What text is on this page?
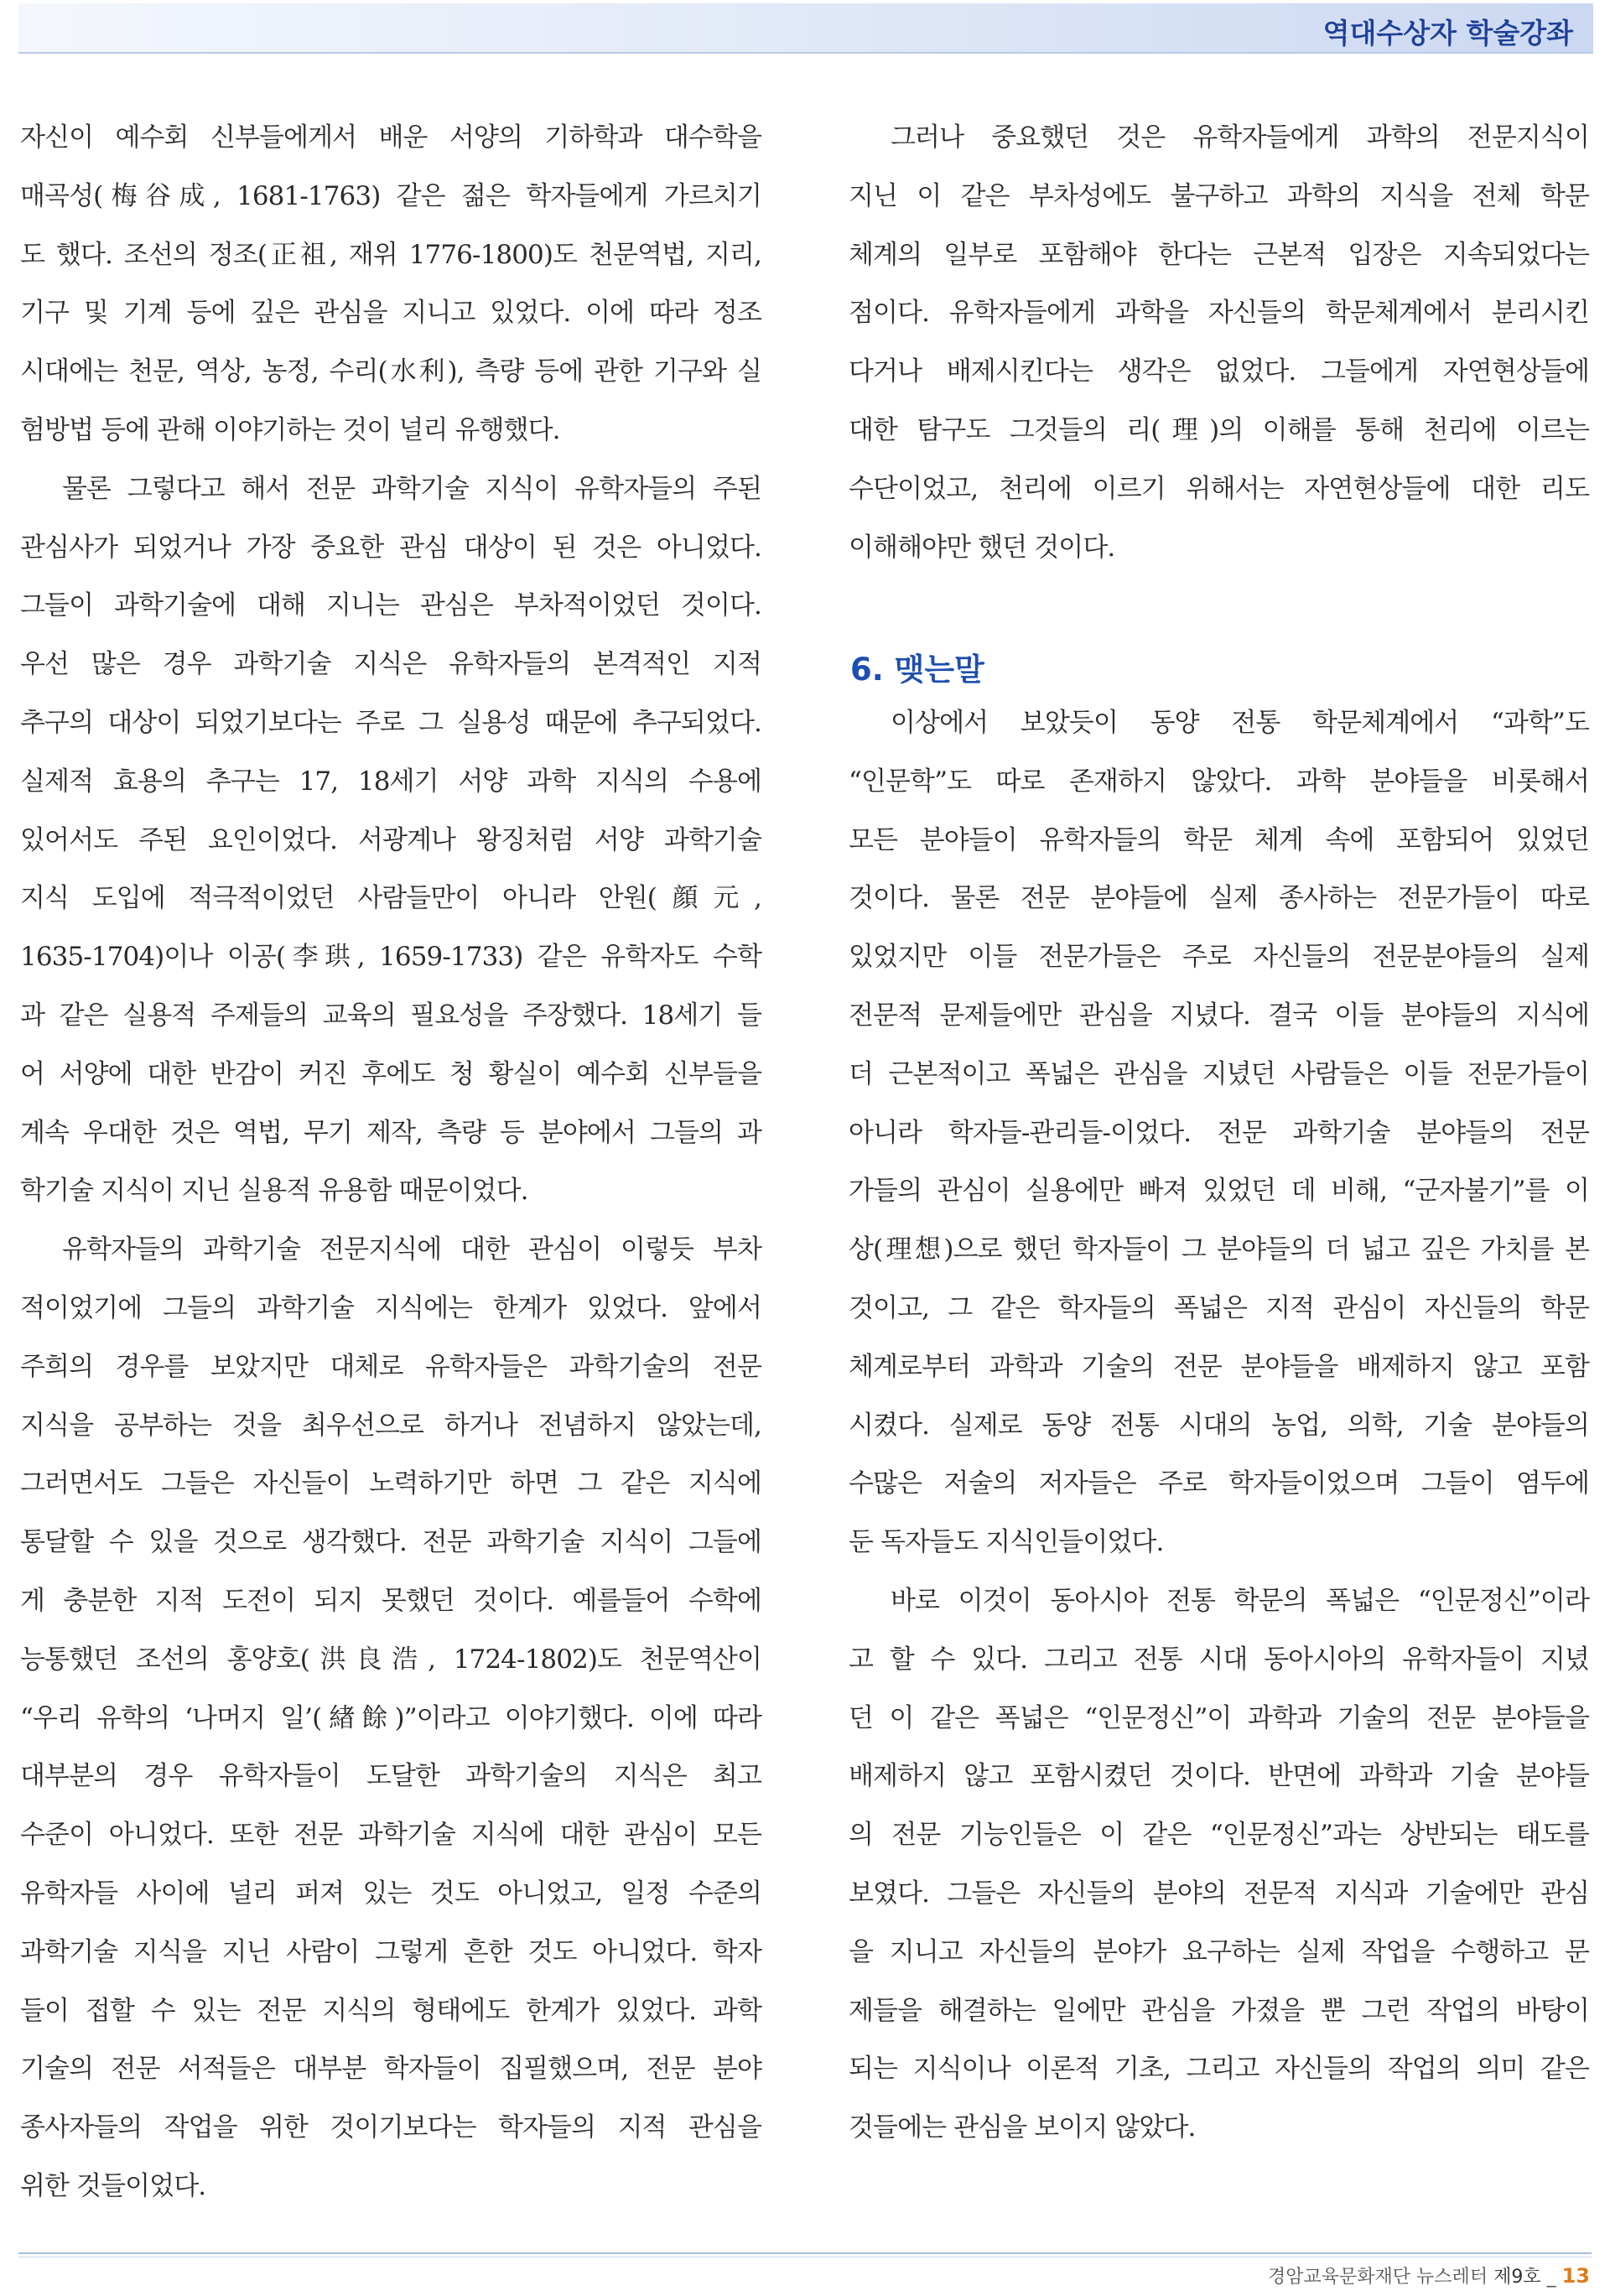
역대수상자 학술강좌
자신이 예수회 신부들에게서 배운 서양의 기하학과 대수학을
매곡성(梅谷成, 1681-1763) 같은 젊은 학자들에게 가르치기
도 했다. 조선의 정조(正祖, 재위 1776-1800)도 천문역법, 지리,
기구 및 기계 등에 깊은 관심을 지니고 있었다. 이에 따라 정조
시대에는 천문, 역상, 농정, 수리(水利), 측량 등에 관한 기구와 실
험방법 등에 관해 이야기하는 것이 널리 유행했다.
물론 그렇다고 해서 전문 과학기술 지식이 유학자들의 주된
관심사가 되었거나 가장 중요한 관심 대상이 된 것은 아니었다.
그들이 과학기술에 대해 지니는 관심은 부차적이었던 것이다.
우선 많은 경우 과학기술 지식은 유학자들의 본격적인 지적
추구의 대상이 되었기보다는 주로 그 실용성 때문에 추구되었다.
실제적 효용의 추구는 17, 18세기 서양 과학 지식의 수용에
있어서도 주된 요인이었다. 서광계나 왕징처럼 서양 과학기술
지식 도입에 적극적이었던 사람들만이 아니라 안원(顔元,
1635-1704)이나 이공(李珙, 1659-1733) 같은 유학자도 수학
과 같은 실용적 주제들의 교육의 필요성을 주장했다. 18세기 들
어 서양에 대한 반감이 커진 후에도 청 황실이 예수회 신부들을
계속 우대한 것은 역법, 무기 제작, 측량 등 분야에서 그들의 과
학기술 지식이 지닌 실용적 유용함 때문이었다.
유학자들의 과학기술 전문지식에 대한 관심이 이렇듯 부차
적이었기에 그들의 과학기술 지식에는 한계가 있었다. 앞에서
주희의 경우를 보았지만 대체로 유학자들은 과학기술의 전문
지식을 공부하는 것을 최우선으로 하거나 전념하지 않았는데,
그러면서도 그들은 자신들이 노력하기만 하면 그 같은 지식에
통달할 수 있을 것으로 생각했다. 전문 과학기술 지식이 그들에
게 충분한 지적 도전이 되지 못했던 것이다. 예를들어 수학에
능통했던 조선의 홍양호(洪良浩, 1724-1802)도 천문역산이
“우리 유학의 ‘나머지 일’(緖餘)”이라고 이야기했다. 이에 따라
대부분의 경우 유학자들이 도달한 과학기술의 지식은 최고
수준이 아니었다. 또한 전문 과학기술 지식에 대한 관심이 모든
유학자들 사이에 널리 퍼져 있는 것도 아니었고, 일정 수준의
과학기술 지식을 지닌 사람이 그렇게 흔한 것도 아니었다. 학자
들이 접할 수 있는 전문 지식의 형태에도 한계가 있었다. 과학
기술의 전문 서적들은 대부분 학자들이 집필했으며, 전문 분야
종사자들의 작업을 위한 것이기보다는 학자들의 지적 관심을
위한 것들이었다.
그러나 중요했던 것은 유학자들에게 과학의 전문지식이
지닌 이 같은 부차성에도 불구하고 과학의 지식을 전체 학문
체계의 일부로 포함해야 한다는 근본적 입장은 지속되었다는
점이다. 유학자들에게 과학을 자신들의 학문체계에서 분리시킨
다거나 배제시킨다는 생각은 없었다. 그들에게 자연현상들에
대한 탐구도 그것들의 리(理)의 이해를 통해 천리에 이르는
수단이었고, 천리에 이르기 위해서는 자연현상들에 대한 리도
이해해야만 했던 것이다.
6. 맺는말
이상에서 보았듯이 동양 전통 학문체계에서 “과학”도
“인문학”도 따로 존재하지 않았다. 과학 분야들을 비롯해서
모든 분야들이 유학자들의 학문 체계 속에 포함되어 있었던
것이다. 물론 전문 분야들에 실제 종사하는 전문가들이 따로
있었지만 이들 전문가들은 주로 자신들의 전문분야들의 실제
전문적 문제들에만 관심을 지녔다. 결국 이들 분야들의 지식에
더 근본적이고 폭넓은 관심을 지녔던 사람들은 이들 전문가들이
아니라 학자들-관리들-이었다. 전문 과학기술 분야들의 전문
가들의 관심이 실용에만 빠져 있었던 데 비해, “군자불기”를 이
상(理想)으로 했던 학자들이 그 분야들의 더 넓고 깊은 가치를 본
것이고, 그 같은 학자들의 폭넓은 지적 관심이 자신들의 학문
체계로부터 과학과 기술의 전문 분야들을 배제하지 않고 포함
시켰다. 실제로 동양 전통 시대의 농업, 의학, 기술 분야들의
수많은 저술의 저자들은 주로 학자들이었으며 그들이 염두에
둔 독자들도 지식인들이었다.
바로 이것이 동아시아 전통 학문의 폭넓은 “인문정신”이라
고 할 수 있다. 그리고 전통 시대 동아시아의 유학자들이 지녔
던 이 같은 폭넓은 “인문정신”이 과학과 기술의 전문 분야들을
배제하지 않고 포함시켰던 것이다. 반면에 과학과 기술 분야들
의 전문 기능인들은 이 같은 “인문정신”과는 상반되는 태도를
보였다. 그들은 자신들의 분야의 전문적 지식과 기술에만 관심
을 지니고 자신들의 분야가 요구하는 실제 작업을 수행하고 문
제들을 해결하는 일에만 관심을 가졌을 뿐 그런 작업의 바탕이
되는 지식이나 이론적 기초, 그리고 자신들의 작업의 의미 같은
것들에는 관심을 보이지 않았다.
경암교육문화재단 뉴스레터 제9호 _ 13
